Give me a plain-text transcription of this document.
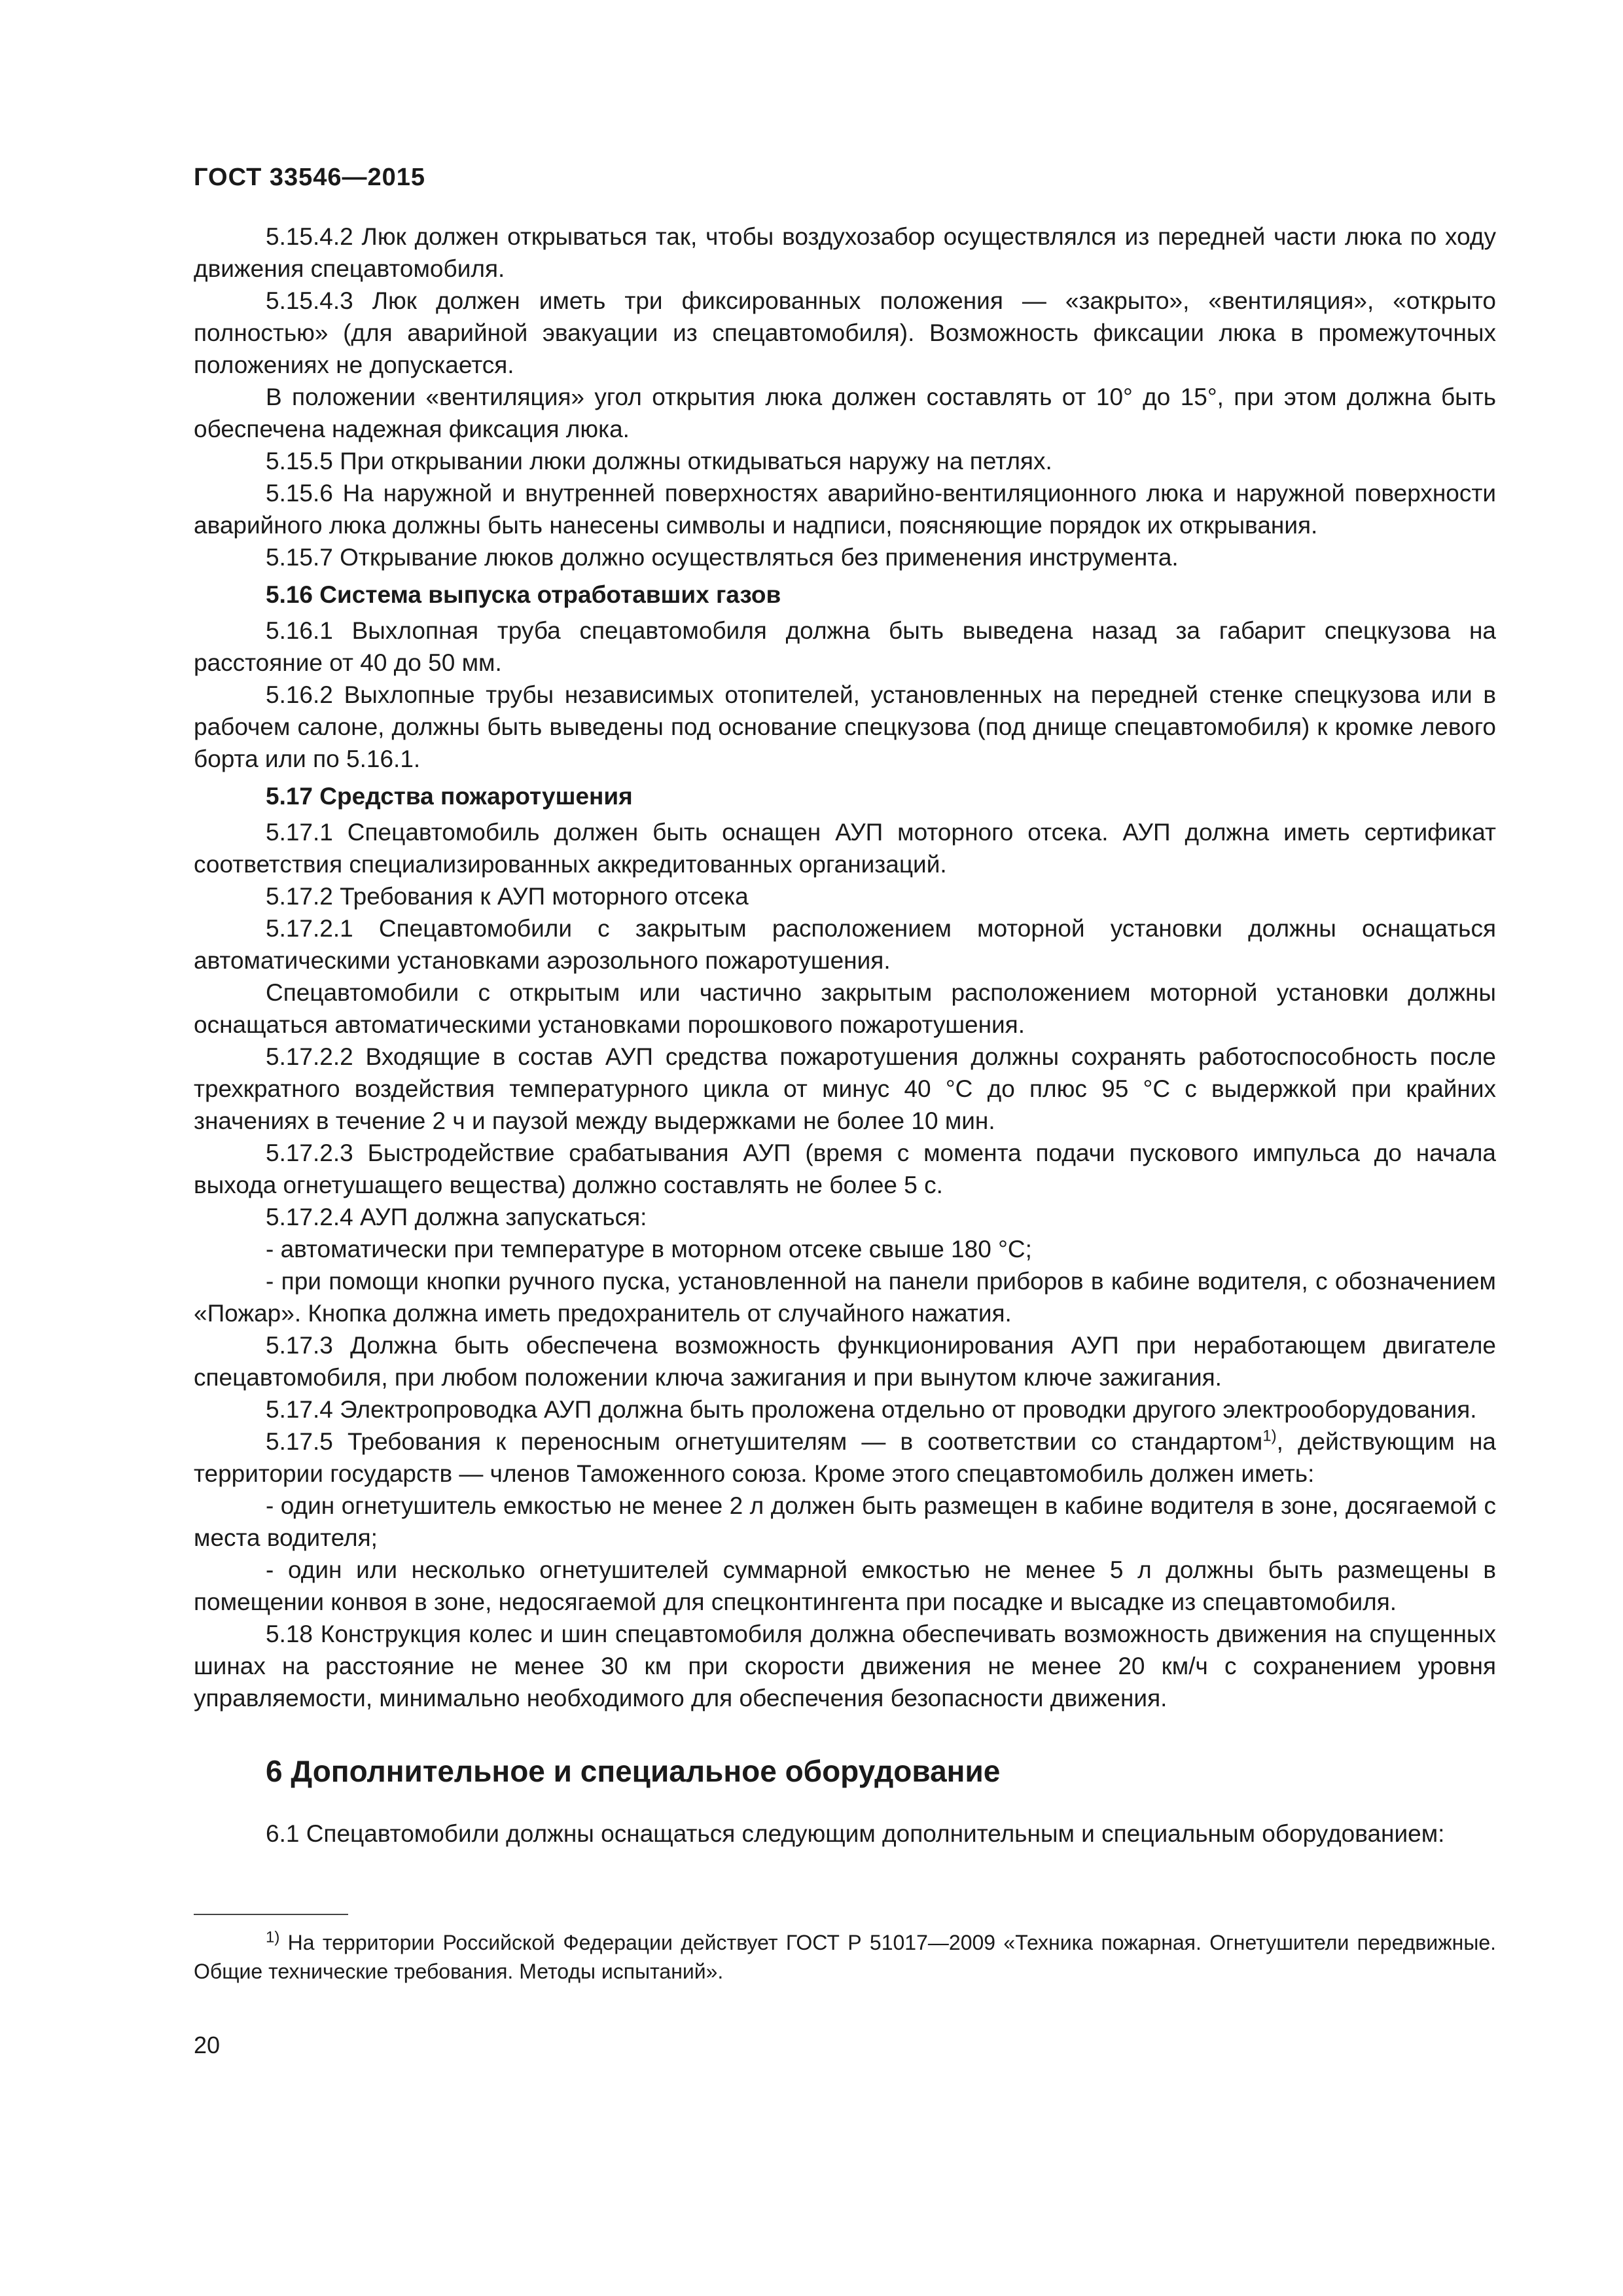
ГОСТ 33546—2015

5.15.4.2 Люк должен открываться так, чтобы воздухозабор осуществлялся из передней части люка по ходу движения спецавтомобиля.

5.15.4.3 Люк должен иметь три фиксированных положения — «закрыто», «вентиляция», «открыто полностью» (для аварийной эвакуации из спецавтомобиля). Возможность фиксации люка в промежуточных положениях не допускается.

В положении «вентиляция» угол открытия люка должен составлять от 10° до 15°, при этом должна быть обеспечена надежная фиксация люка.

5.15.5 При открывании люки должны откидываться наружу на петлях.

5.15.6 На наружной и внутренней поверхностях аварийно-вентиляционного люка и наружной поверхности аварийного люка должны быть нанесены символы и надписи, поясняющие порядок их открывания.

5.15.7 Открывание люков должно осуществляться без применения инструмента.

5.16 Система выпуска отработавших газов

5.16.1 Выхлопная труба спецавтомобиля должна быть выведена назад за габарит спецкузова на расстояние от 40 до 50 мм.

5.16.2 Выхлопные трубы независимых отопителей, установленных на передней стенке спецкузова или в рабочем салоне, должны быть выведены под основание спецкузова (под днище спецавтомобиля) к кромке левого борта или по 5.16.1.

5.17 Средства пожаротушения

5.17.1 Спецавтомобиль должен быть оснащен АУП моторного отсека. АУП должна иметь сертификат соответствия специализированных аккредитованных организаций.

5.17.2 Требования к АУП моторного отсека

5.17.2.1 Спецавтомобили с закрытым расположением моторной установки должны оснащаться автоматическими установками аэрозольного пожаротушения.

Спецавтомобили с открытым или частично закрытым расположением моторной установки должны оснащаться автоматическими установками порошкового пожаротушения.

5.17.2.2 Входящие в состав АУП средства пожаротушения должны сохранять работоспособность после трехкратного воздействия температурного цикла от минус 40 °С до плюс 95 °С с выдержкой при крайних значениях в течение 2 ч и паузой между выдержками не более 10 мин.

5.17.2.3 Быстродействие срабатывания АУП (время с момента подачи пускового импульса до начала выхода огнетушащего вещества) должно составлять не более 5 с.

5.17.2.4 АУП должна запускаться:

- автоматически при температуре в моторном отсеке свыше 180 °С;

- при помощи кнопки ручного пуска, установленной на панели приборов в кабине водителя, с обозначением «Пожар». Кнопка должна иметь предохранитель от случайного нажатия.

5.17.3 Должна быть обеспечена возможность функционирования АУП при неработающем двигателе спецавтомобиля, при любом положении ключа зажигания и при вынутом ключе зажигания.

5.17.4 Электропроводка АУП должна быть проложена отдельно от проводки другого электрооборудования.

5.17.5 Требования к переносным огнетушителям — в соответствии со стандартом$^{1)}$, действующим на территории государств — членов Таможенного союза. Кроме этого спецавтомобиль должен иметь:

- один огнетушитель емкостью не менее 2 л должен быть размещен в кабине водителя в зоне, досягаемой с места водителя;

- один или несколько огнетушителей суммарной емкостью не менее 5 л должны быть размещены в помещении конвоя в зоне, недосягаемой для спецконтингента при посадке и высадке из спецавтомобиля.

5.18 Конструкция колес и шин спецавтомобиля должна обеспечивать возможность движения на спущенных шинах на расстояние не менее 30 км при скорости движения не менее 20 км/ч с сохранением уровня управляемости, минимально необходимого для обеспечения безопасности движения.

6 Дополнительное и специальное оборудование

6.1 Спецавтомобили должны оснащаться следующим дополнительным и специальным оборудованием:

$^{1)}$ На территории Российской Федерации действует ГОСТ Р 51017—2009 «Техника пожарная. Огнетушители передвижные. Общие технические требования. Методы испытаний».

20
